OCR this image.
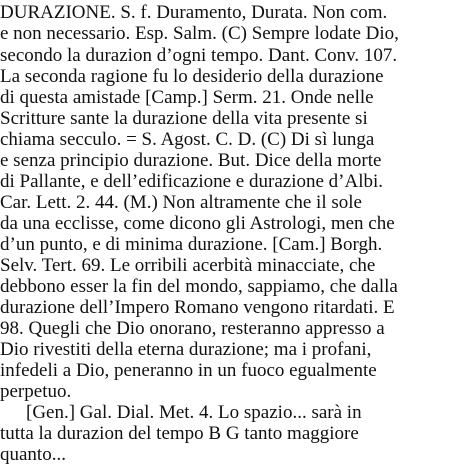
DURAZIONE. S. f. Duramento, Durata. Non com.
e non necessario. Esp. Salm. (C) Sempre lodate Dio,
secondo la durazion d’ogni tempo. Dant. Conv. 107.
La seconda ragione fu lo desiderio della durazione
di questa amistade [Camp.] Serm. 21. Onde nelle
Scritture sante la durazione della vita presente si
chiama secculo. = S. Agost. C. D. (C) Di sì lunga
e senza principio durazione. But. Dice della morte
di Pallante, e dell’edificazione e durazione d’Albi.
Car. Lett. 2. 44. (M.) Non altramente che il sole
da una ecclisse, come dicono gli Astrologi, men che
d’un punto, e di minima durazione. [Cam.] Borgh.
Selv. Tert. 69. Le orribili acerbità minacciate, che
debbono esser la fin del mondo, sappiamo, che dalla
durazione dell’Impero Romano vengono ritardati. E
98. Quegli che Dio onorano, resteranno appresso a
Dio rivestiti della eterna durazione; ma i profani,
infedeli a Dio, peneranno in un fuoco egualmente
perpetuo.
[Gen.] Gal. Dial. Met. 4. Lo spazio... sarà in
tutta la durazion del tempo B G tanto maggiore
quanto...
